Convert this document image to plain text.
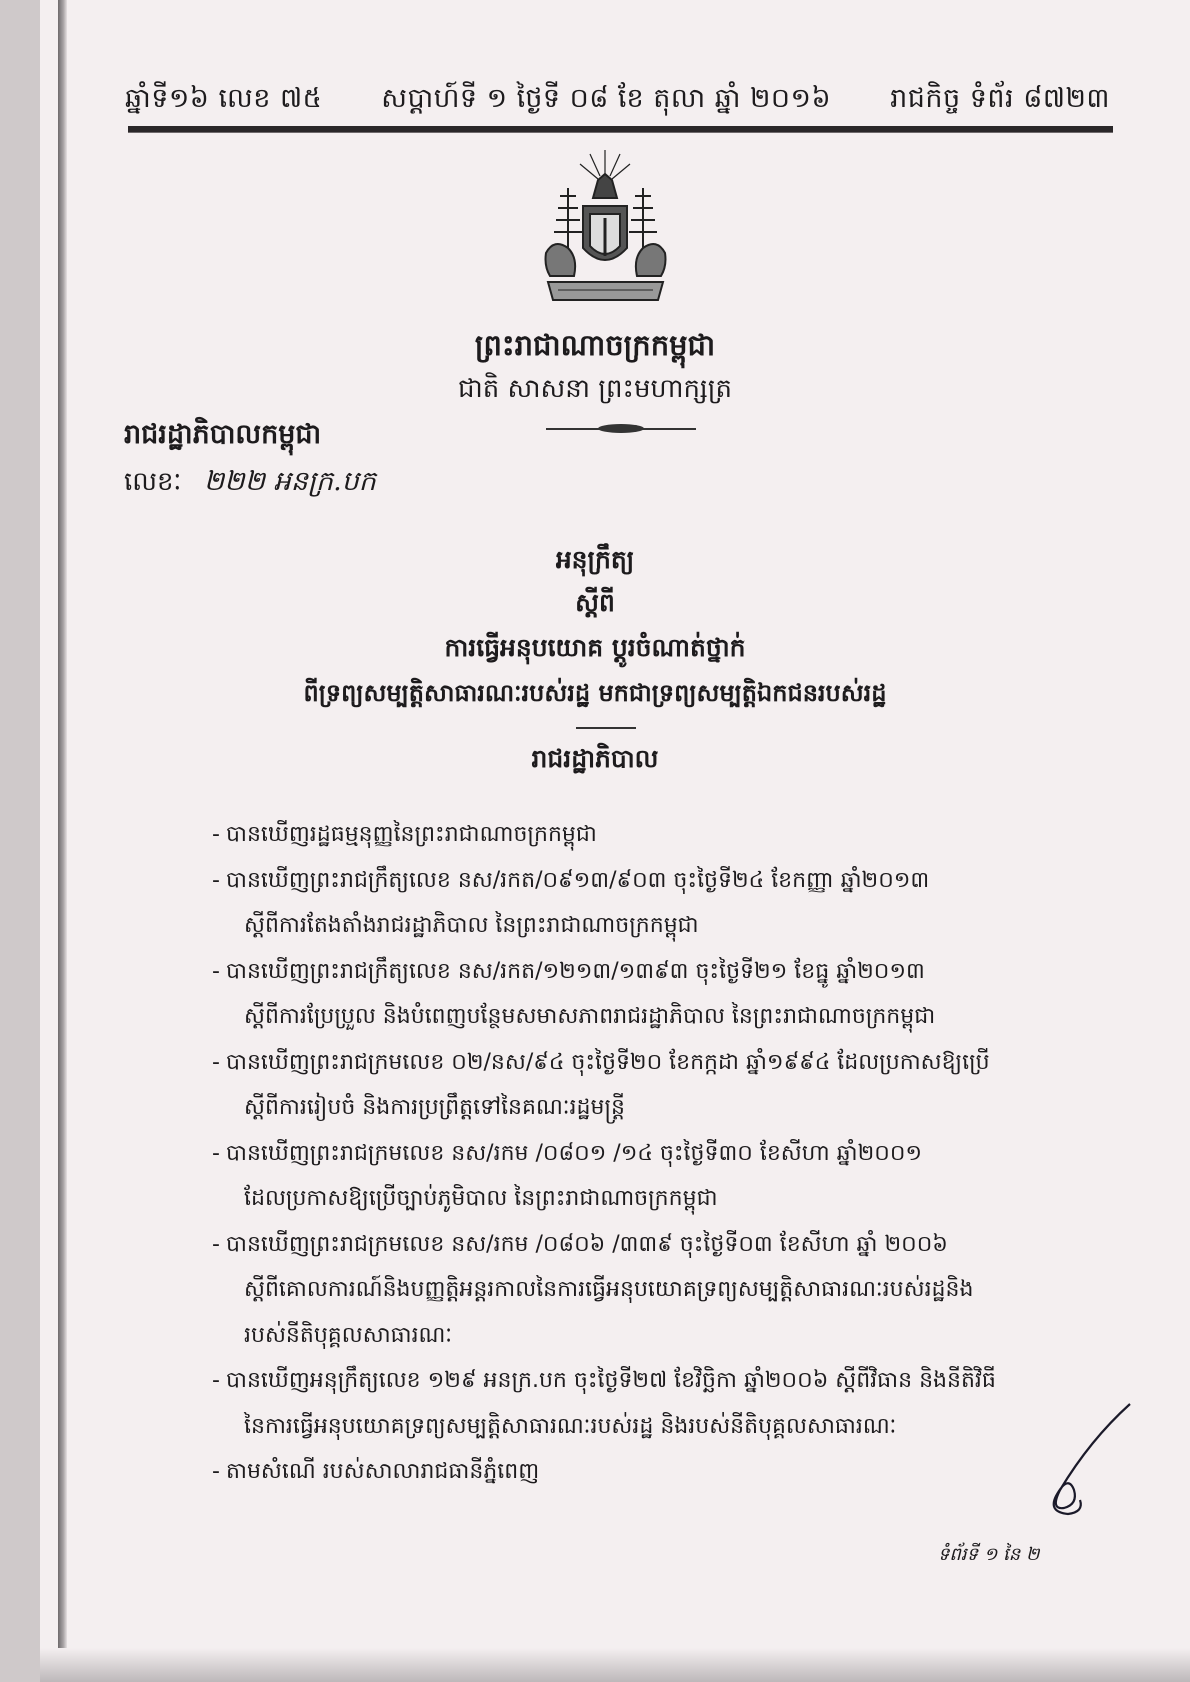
ឆ្នាំទី១៦ លេខ ៧៥ សប្តាហ៍ទី ១ ថ្ងៃទី ០៨ ខែ តុលា ឆ្នាំ ២០១៦ រាជកិច្ច ទំព័រ ៨៧២៣
ព្រះរាជាណាចក្រកម្ពុជា
ជាតិ សាសនា ព្រះមហាក្សត្រ
រាជរដ្ឋាភិបាលកម្ពុជា
លេខៈ ២២២ អនក្រ.បក
អនុក្រឹត្យ
ស្តីពី
ការធ្វើអនុបយោគ ប្តូរចំណាត់ថ្នាក់
ពីទ្រព្យសម្បត្តិសាធារណៈរបស់រដ្ឋ មកជាទ្រព្យសម្បត្តិឯកជនរបស់រដ្ឋ
រាជរដ្ឋាភិបាល
-បានឃើញរដ្ឋធម្មនុញ្ញនៃព្រះរាជាណាចក្រកម្ពុជា
-បានឃើញព្រះរាជក្រឹត្យលេខ នស/រកត/០៩១៣/៩០៣ ចុះថ្ងៃទី២៤ ខែកញ្ញា ឆ្នាំ២០១៣
ស្តីពីការតែងតាំងរាជរដ្ឋាភិបាល នៃព្រះរាជាណាចក្រកម្ពុជា
-បានឃើញព្រះរាជក្រឹត្យលេខ នស/រកត/១២១៣/១៣៩៣ ចុះថ្ងៃទី២១ ខែធ្នូ ឆ្នាំ២០១៣
ស្តីពីការប្រែប្រួល និងបំពេញបន្ថែមសមាសភាពរាជរដ្ឋាភិបាល នៃព្រះរាជាណាចក្រកម្ពុជា
-បានឃើញព្រះរាជក្រមលេខ ០២/នស/៩៤ ចុះថ្ងៃទី២០ ខែកក្កដា ឆ្នាំ១៩៩៤ ដែលប្រកាសឱ្យប្រើ
ស្តីពីការរៀបចំ និងការប្រព្រឹត្តទៅនៃគណៈរដ្ឋមន្ត្រី
-បានឃើញព្រះរាជក្រមលេខ នស/រកម /០៨០១ /១៤ ចុះថ្ងៃទី៣០ ខែសីហា ឆ្នាំ២០០១
ដែលប្រកាសឱ្យប្រើច្បាប់ភូមិបាល នៃព្រះរាជាណាចក្រកម្ពុជា
-បានឃើញព្រះរាជក្រមលេខ នស/រកម /០៨០៦ /៣៣៩ ចុះថ្ងៃទី០៣ ខែសីហា ឆ្នាំ ២០០៦
ស្តីពីគោលការណ៍និងបញ្ញត្តិអន្តរកាលនៃការធ្វើអនុបយោគទ្រព្យសម្បត្តិសាធារណៈរបស់រដ្ឋនិង
របស់នីតិបុគ្គលសាធារណៈ
-បានឃើញអនុក្រឹត្យលេខ ១២៩ អនក្រ.បក ចុះថ្ងៃទី២៧ ខែវិច្ឆិកា ឆ្នាំ២០០៦ ស្តីពីវិធាន និងនីតិវិធី
នៃការធ្វើអនុបយោគទ្រព្យសម្បត្តិសាធារណៈរបស់រដ្ឋ និងរបស់នីតិបុគ្គលសាធារណៈ
-តាមសំណើ របស់សាលារាជធានីភ្នំពេញ
ទំព័រទី ១ នៃ ២
